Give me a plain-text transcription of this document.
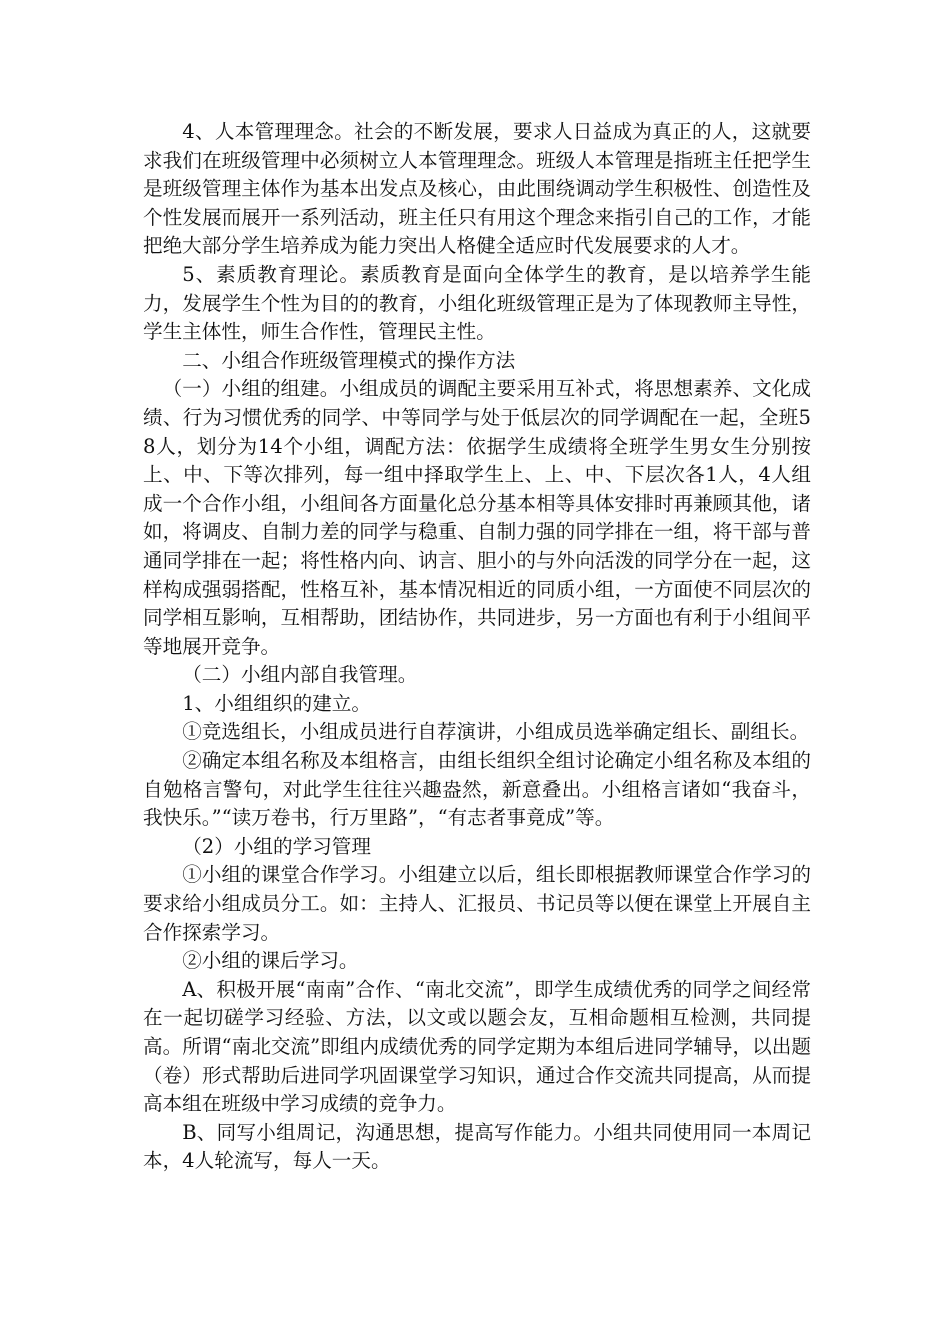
4、人本管理理念。社会的不断发展，要求人日益成为真正的人，这就要求我们在班级管理中必须树立人本管理理念。班级人本管理是指班主任把学生是班级管理主体作为基本出发点及核心，由此围绕调动学生积极性、创造性及个性发展而展开一系列活动，班主任只有用这个理念来指引自己的工作，才能把绝大部分学生培养成为能力突出人格健全适应时代发展要求的人才。

5、素质教育理论。素质教育是面向全体学生的教育，是以培养学生能力，发展学生个性为目的的教育，小组化班级管理正是为了体现教师主导性，学生主体性，师生合作性，管理民主性。

二、小组合作班级管理模式的操作方法

（一）小组的组建。小组成员的调配主要采用互补式，将思想素养、文化成绩、行为习惯优秀的同学、中等同学与处于低层次的同学调配在一起，全班58人，划分为14个小组，调配方法：依据学生成绩将全班学生男女生分别按上、中、下等次排列，每一组中择取学生上、上、中、下层次各1人，4人组成一个合作小组，小组间各方面量化总分基本相等具体安排时再兼顾其他，诸如，将调皮、自制力差的同学与稳重、自制力强的同学排在一组，将干部与普通同学排在一起；将性格内向、讷言、胆小的与外向活泼的同学分在一起，这样构成强弱搭配，性格互补，基本情况相近的同质小组，一方面使不同层次的同学相互影响，互相帮助，团结协作，共同进步，另一方面也有利于小组间平等地展开竞争。

（二）小组内部自我管理。

1、小组组织的建立。

①竞选组长，小组成员进行自荐演讲，小组成员选举确定组长、副组长。

②确定本组名称及本组格言，由组长组织全组讨论确定小组名称及本组的自勉格言警句，对此学生往往兴趣盎然，新意叠出。小组格言诸如“我奋斗，我快乐。”“读万卷书，行万里路”，“有志者事竟成”等。

（2）小组的学习管理

①小组的课堂合作学习。小组建立以后，组长即根据教师课堂合作学习的要求给小组成员分工。如：主持人、汇报员、书记员等以便在课堂上开展自主合作探索学习。

②小组的课后学习。

A、积极开展“南南”合作、“南北交流”，即学生成绩优秀的同学之间经常在一起切磋学习经验、方法，以文或以题会友，互相命题相互检测，共同提高。所谓“南北交流”即组内成绩优秀的同学定期为本组后进同学辅导，以出题（卷）形式帮助后进同学巩固课堂学习知识，通过合作交流共同提高，从而提高本组在班级中学习成绩的竞争力。

B、同写小组周记，沟通思想，提高写作能力。小组共同使用同一本周记本，4人轮流写，每人一天。
